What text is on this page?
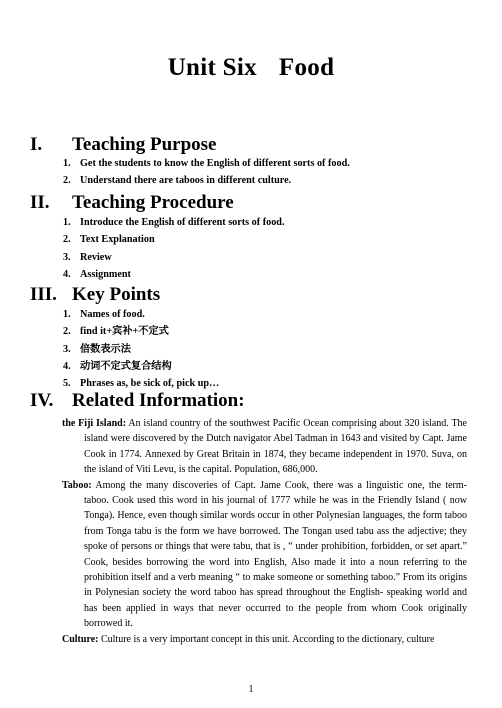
Unit Six Food
I. Teaching Purpose
1. Get the students to know the English of different sorts of food.
2. Understand there are taboos in different culture.
II. Teaching Procedure
1. Introduce the English of different sorts of food.
2. Text Explanation
3. Review
4. Assignment
III. Key Points
1. Names of food.
2. find it+宾补+不定式
3. 倍数表示法
4. 动词不定式复合结构
5. Phrases as, be sick of, pick up…
IV. Related Information:

the Fiji Island: An island country of the southwest Pacific Ocean comprising about 320 island. The island were discovered by the Dutch navigator Abel Tadman in 1643 and visited by Capt. Jame Cook in 1774. Annexed by Great Britain in 1874, they became independent in 1970. Suva, on the island of Viti Levu, is the capital. Population, 686,000.

Taboo: Among the many discoveries of Capt. Jame Cook, there was a linguistic one, the term- taboo. Cook used this word in his journal of 1777 while he was in the Friendly Island ( now Tonga). Hence, even though similar words occur in other Polynesian languages, the form taboo from Tonga tabu is the form we have borrowed. The Tongan used tabu ass the adjective; they spoke of persons or things that were tabu, that is , “ under prohibition, forbidden, or set apart.” Cook, besides borrowing the word into English, Also made it into a noun referring to the prohibition itself and a verb meaning “ to make someone or something taboo.” From its origins in Polynesian society the word taboo has spread throughout the English- speaking world and has been applied in ways that never occurred to the people from whom Cook originally borrowed it.

Culture: Culture is a very important concept in this unit. According to the dictionary, culture

1
